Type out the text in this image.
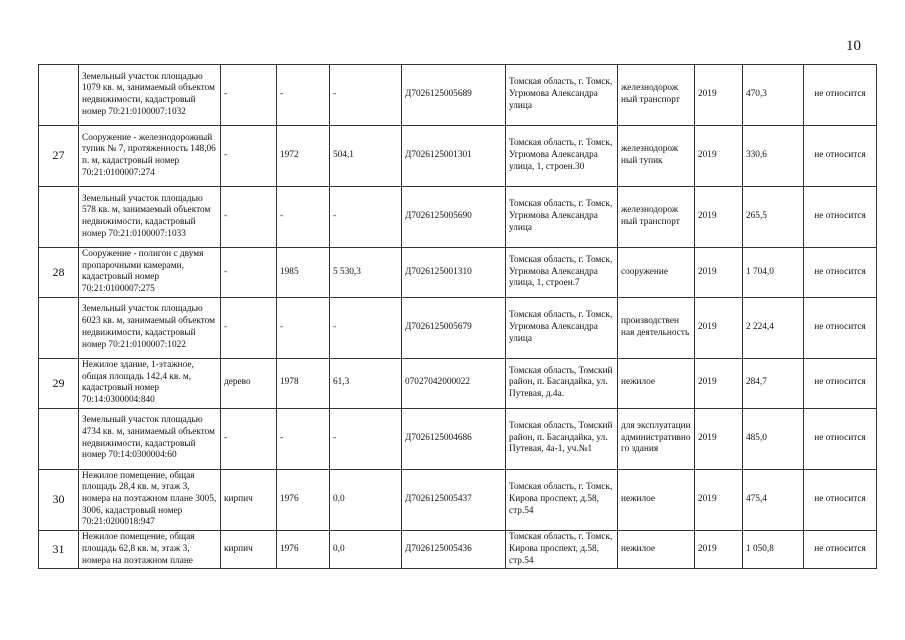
10
	Земельный участок площадью 1079 кв. м, занимаемый объектом недвижимости, кадастровый номер 70:21:0100007:1032	-	-	-	Д7026125005689	Томская область, г. Томск, Угрюмова Александра улица	железнодорож ный транспорт	2019	470,3	не относится
27	Сооружение - железнодорожный тупик № 7, протяженность 148,06 п. м, кадастровый номер 70:21:0100007:274	-	1972	504,1	Д7026125001301	Томская область, г. Томск, Угрюмова Александра улица, 1, строен.30	железнодорож ный тупик	2019	330,6	не относится
	Земельный участок площадью 578 кв. м, занимаемый объектом недвижимости, кадастровый номер 70:21:0100007:1033	-	-	-	Д7026125005690	Томская область, г. Томск, Угрюмова Александра улица	железнодорож ный транспорт	2019	265,5	не относится
28	Сооружение - полигон с двумя пропарочными камерами, кадастровый номер 70:21:0100007:275	-	1985	5 530,3	Д7026125001310	Томская область, г. Томск, Угрюмова Александра улица, 1, строен.7	сооружение	2019	1 704,0	не относится
	Земельный участок площадью 6023 кв. м, занимаемый объектом недвижимости, кадастровый номер 70:21:0100007:1022	-	-	-	Д7026125005679	Томская область, г. Томск, Угрюмова Александра улица	производствен ная деятельность	2019	2 224,4	не относится
29	Нежилое здание, 1-этажное, общая площадь 142,4 кв. м, кадастровый номер 70:14:0300004:840	дерево	1978	61,3	07027042000022	Томская область, Томский район, п. Басандайка, ул. Путевая, д.4а.	нежилое	2019	284,7	не относится
	Земельный участок площадью 4734 кв. м, занимаемый объектом недвижимости, кадастровый номер 70:14:0300004:60	-	-	-	Д7026125004686	Томская область, Томский район, п. Басандайка, ул. Путевая, 4а-1, уч.№1	для эксплуатации административного здания	2019	485,0	не относится
30	Нежилое помещение, общая площадь 28,4 кв. м, этаж 3, номера на поэтажном плане 3005, 3006, кадастровый номер 70:21:0200018:947	кирпич	1976	0,0	Д7026125005437	Томская область, г. Томск, Кирова проспект, д.58, стр.54	нежилое	2019	475,4	не относится
31	Нежилое помещение, общая площадь 62,8 кв. м, этаж 3, номера на поэтажном плане	кирпич	1976	0,0	Д7026125005436	Томская область, г. Томск, Кирова проспект, д.58, стр.54	нежилое	2019	1 050,8	не относится
